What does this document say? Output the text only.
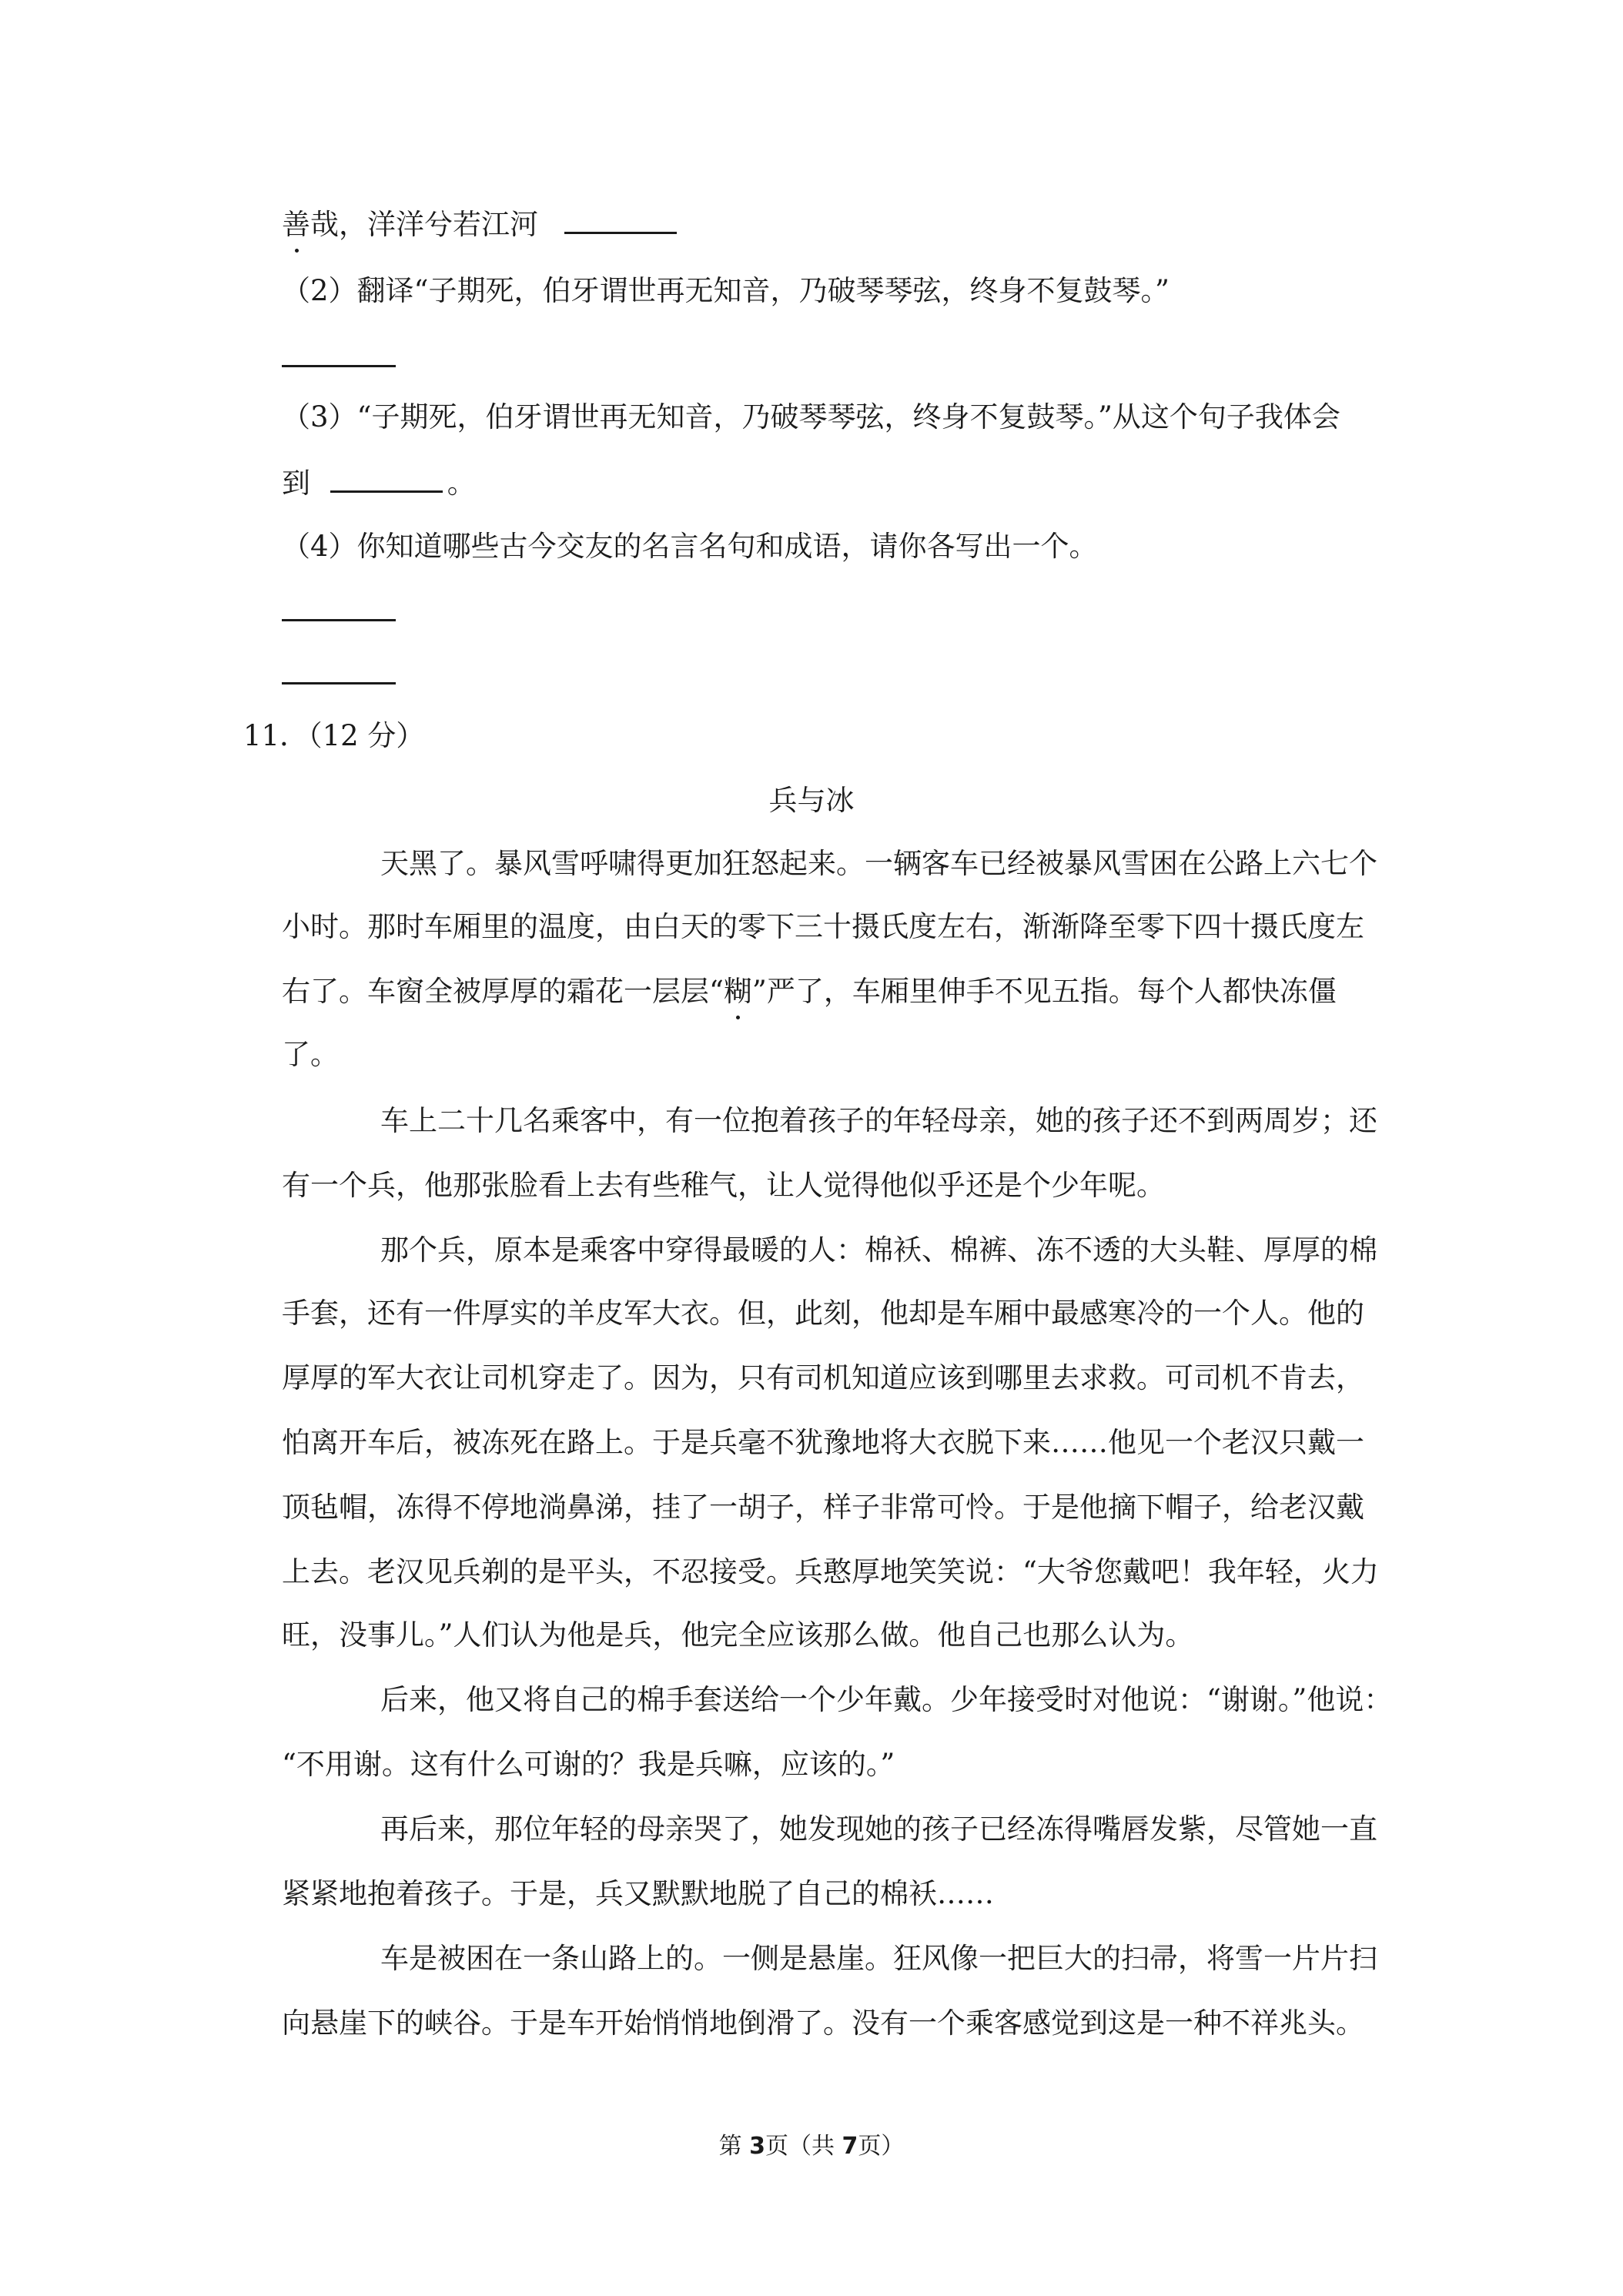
善哉，洋洋兮若江河
（2）翻译“子期死，伯牙谓世再无知音，乃破琴琴弦，终身不复鼓琴。”
（3）“子期死，伯牙谓世再无知音，乃破琴琴弦，终身不复鼓琴。”从这个句子我体会
到	。
（4）你知道哪些古今交友的名言名句和成语，请你各写出一个。
11．（12 分）
兵与冰
天黑了。暴风雪呼啸得更加狂怒起来。一辆客车已经被暴风雪困在公路上六七个
小时。那时车厢里的温度，由白天的零下三十摄氏度左右，渐渐降至零下四十摄氏度左
右了。车窗全被厚厚的霜花一层层“糊”严了，车厢里伸手不见五指。每个人都快冻僵
了。
车上二十几名乘客中，有一位抱着孩子的年轻母亲，她的孩子还不到两周岁；还
有一个兵，他那张脸看上去有些稚气，让人觉得他似乎还是个少年呢。
那个兵，原本是乘客中穿得最暖的人：棉袄、棉裤、冻不透的大头鞋、厚厚的棉
手套，还有一件厚实的羊皮军大衣。但，此刻，他却是车厢中最感寒冷的一个人。他的
厚厚的军大衣让司机穿走了。因为，只有司机知道应该到哪里去求救。可司机不肯去，
怕离开车后，被冻死在路上。于是兵毫不犹豫地将大衣脱下来……他见一个老汉只戴一
顶毡帽，冻得不停地淌鼻涕，挂了一胡子，样子非常可怜。于是他摘下帽子，给老汉戴
上去。老汉见兵剃的是平头，不忍接受。兵憨厚地笑笑说：“大爷您戴吧！我年轻，火力
旺，没事儿。”人们认为他是兵，他完全应该那么做。他自己也那么认为。
后来，他又将自己的棉手套送给一个少年戴。少年接受时对他说：“谢谢。”他说：
“不用谢。这有什么可谢的？我是兵嘛，应该的。”
再后来，那位年轻的母亲哭了，她发现她的孩子已经冻得嘴唇发紫，尽管她一直
紧紧地抱着孩子。于是，兵又默默地脱了自己的棉袄……
车是被困在一条山路上的。一侧是悬崖。狂风像一把巨大的扫帚，将雪一片片扫
向悬崖下的峡谷。于是车开始悄悄地倒滑了。没有一个乘客感觉到这是一种不祥兆头。
第 3页（共 7页）
